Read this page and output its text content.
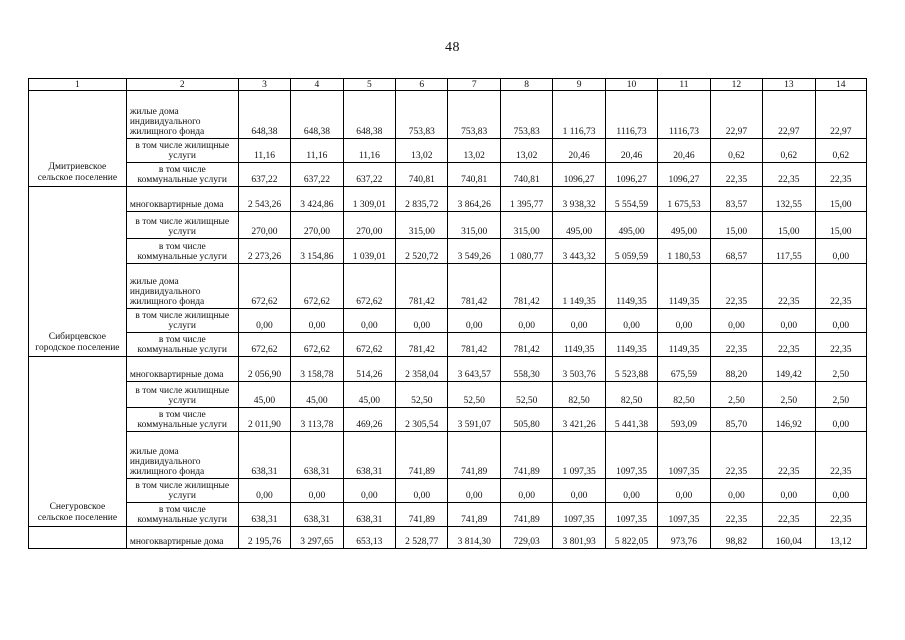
48
1	2	3	4	5	6	7	8	9	10	11	12	13	14
Дмитриевское сельское поселение	жилые дома индивидуального жилищного фонда	648,38	648,38	648,38	753,83	753,83	753,83	1 116,73	1116,73	1116,73	22,97	22,97	22,97
	в том числе жилищные услуги	11,16	11,16	11,16	13,02	13,02	13,02	20,46	20,46	20,46	0,62	0,62	0,62
	в том числе коммунальные услуги	637,22	637,22	637,22	740,81	740,81	740,81	1096,27	1096,27	1096,27	22,35	22,35	22,35
Сибирцевское городское поселение	многоквартирные дома	2 543,26	3 424,86	1 309,01	2 835,72	3 864,26	1 395,77	3 938,32	5 554,59	1 675,53	83,57	132,55	15,00
	в том числе жилищные услуги	270,00	270,00	270,00	315,00	315,00	315,00	495,00	495,00	495,00	15,00	15,00	15,00
	в том числе коммунальные услуги	2 273,26	3 154,86	1 039,01	2 520,72	3 549,26	1 080,77	3 443,32	5 059,59	1 180,53	68,57	117,55	0,00
	жилые дома индивидуального жилищного фонда	672,62	672,62	672,62	781,42	781,42	781,42	1 149,35	1149,35	1149,35	22,35	22,35	22,35
	в том числе жилищные услуги	0,00	0,00	0,00	0,00	0,00	0,00	0,00	0,00	0,00	0,00	0,00	0,00
	в том числе коммунальные услуги	672,62	672,62	672,62	781,42	781,42	781,42	1149,35	1149,35	1149,35	22,35	22,35	22,35
Снегуровское сельское поселение	многоквартирные дома	2 056,90	3 158,78	514,26	2 358,04	3 643,57	558,30	3 503,76	5 523,88	675,59	88,20	149,42	2,50
	в том числе жилищные услуги	45,00	45,00	45,00	52,50	52,50	52,50	82,50	82,50	82,50	2,50	2,50	2,50
	в том числе коммунальные услуги	2 011,90	3 113,78	469,26	2 305,54	3 591,07	505,80	3 421,26	5 441,38	593,09	85,70	146,92	0,00
	жилые дома индивидуального жилищного фонда	638,31	638,31	638,31	741,89	741,89	741,89	1 097,35	1097,35	1097,35	22,35	22,35	22,35
	в том числе жилищные услуги	0,00	0,00	0,00	0,00	0,00	0,00	0,00	0,00	0,00	0,00	0,00	0,00
	в том числе коммунальные услуги	638,31	638,31	638,31	741,89	741,89	741,89	1097,35	1097,35	1097,35	22,35	22,35	22,35
	многоквартирные дома	2 195,76	3 297,65	653,13	2 528,77	3 814,30	729,03	3 801,93	5 822,05	973,76	98,82	160,04	13,12
